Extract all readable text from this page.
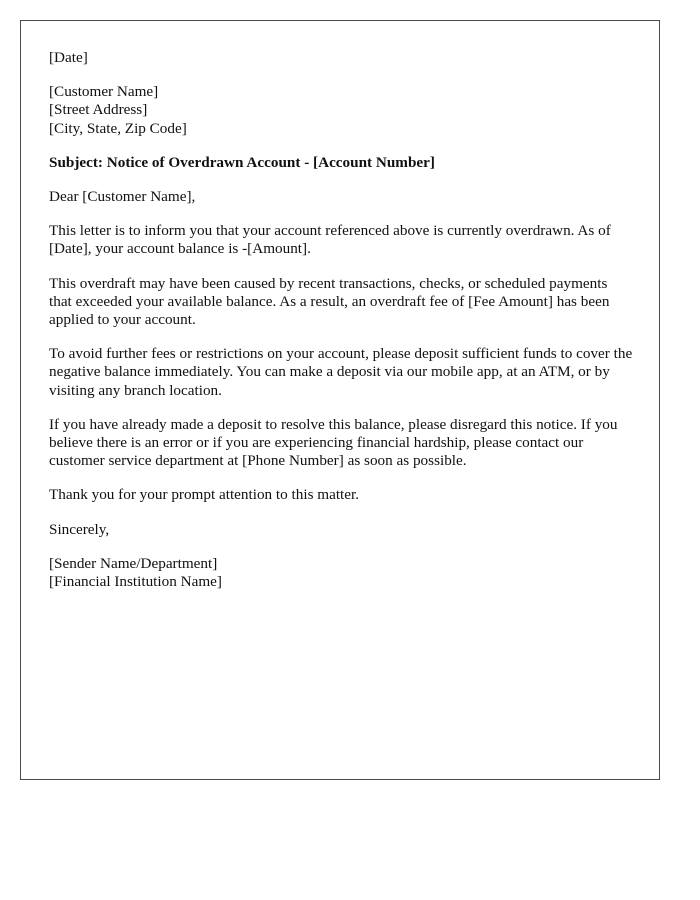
[Date]
[Customer Name]
[Street Address]
[City, State, Zip Code]
Subject: Notice of Overdrawn Account - [Account Number]
Dear [Customer Name],
This letter is to inform you that your account referenced above is currently overdrawn. As of [Date], your account balance is -[Amount].
This overdraft may have been caused by recent transactions, checks, or scheduled payments that exceeded your available balance. As a result, an overdraft fee of [Fee Amount] has been applied to your account.
To avoid further fees or restrictions on your account, please deposit sufficient funds to cover the negative balance immediately. You can make a deposit via our mobile app, at an ATM, or by visiting any branch location.
If you have already made a deposit to resolve this balance, please disregard this notice. If you believe there is an error or if you are experiencing financial hardship, please contact our customer service department at [Phone Number] as soon as possible.
Thank you for your prompt attention to this matter.
Sincerely,
[Sender Name/Department]
[Financial Institution Name]
